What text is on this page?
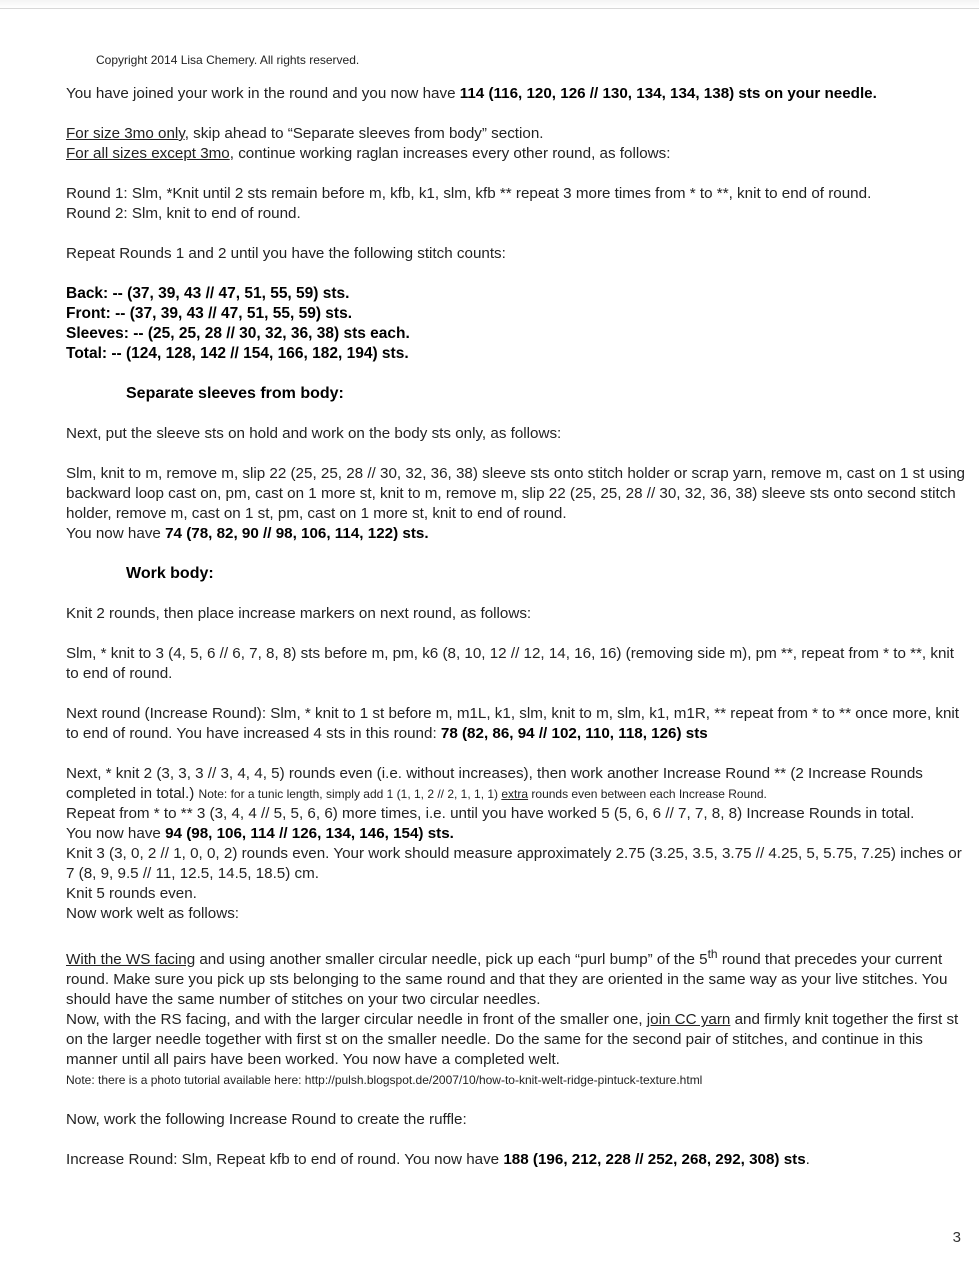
Copyright 2014 Lisa Chemery. All rights reserved.

You have joined your work in the round and you now have 114 (116, 120, 126 // 130, 134, 134, 138) sts on your needle.

For size 3mo only, skip ahead to “Separate sleeves from body” section.

For all sizes except 3mo, continue working raglan increases every other round, as follows:

Round 1: Slm, *Knit until 2 sts remain before m, kfb, k1, slm, kfb ** repeat 3 more times from * to **, knit to end of round.

Round 2: Slm, knit to end of round.

Repeat Rounds 1 and 2 until you have the following stitch counts:

Back: -- (37, 39, 43 // 47, 51, 55, 59) sts.

Front: -- (37, 39, 43 // 47, 51, 55, 59) sts.

Sleeves: -- (25, 25, 28 // 30, 32, 36, 38) sts each.

Total: -- (124, 128, 142 // 154, 166, 182, 194) sts.

Separate sleeves from body:

Next, put the sleeve sts on hold and work on the body sts only, as follows:

Slm, knit to m, remove m, slip 22 (25, 25, 28 // 30, 32, 36, 38) sleeve sts onto stitch holder or scrap yarn, remove m, cast on 1 st using backward loop cast on, pm, cast on 1 more st, knit to m, remove m, slip 22 (25, 25, 28 // 30, 32, 36, 38) sleeve sts onto second stitch holder, remove m, cast on 1 st, pm, cast on 1 more st, knit to end of round.

You now have 74 (78, 82, 90 // 98, 106, 114, 122) sts.

Work body:

Knit 2 rounds, then place increase markers on next round, as follows:

Slm, * knit to 3 (4, 5, 6 // 6, 7, 8, 8) sts before m, pm, k6 (8, 10, 12 // 12, 14, 16, 16) (removing side m), pm **, repeat from * to **, knit to end of round.

Next round (Increase Round): Slm, * knit to 1 st before m, m1L, k1, slm, knit to m, slm, k1, m1R, ** repeat from * to ** once more, knit to end of round. You have increased 4 sts in this round: 78 (82, 86, 94 // 102, 110, 118, 126) sts

Next, * knit 2 (3, 3, 3 // 3, 4, 4, 5) rounds even (i.e. without increases), then work another Increase Round ** (2 Increase Rounds completed in total.) Note: for a tunic length, simply add 1 (1, 1, 2 // 2, 1, 1, 1) extra rounds even between each Increase Round.

Repeat from * to ** 3 (3, 4, 4 // 5, 5, 6, 6) more times, i.e. until you have worked 5 (5, 6, 6 // 7, 7, 8, 8) Increase Rounds in total.

You now have 94 (98, 106, 114 // 126, 134, 146, 154) sts.

Knit 3 (3, 0, 2 // 1, 0, 0, 2) rounds even. Your work should measure approximately 2.75 (3.25, 3.5, 3.75 // 4.25, 5, 5.75, 7.25) inches or 7 (8, 9, 9.5 // 11, 12.5, 14.5, 18.5) cm.

Knit 5 rounds even.

Now work welt as follows:

With the WS facing and using another smaller circular needle, pick up each “purl bump” of the 5th round that precedes your current round. Make sure you pick up sts belonging to the same round and that they are oriented in the same way as your live stitches. You should have the same number of stitches on your two circular needles.

Now, with the RS facing, and with the larger circular needle in front of the smaller one, join CC yarn and firmly knit together the first st on the larger needle together with first st on the smaller needle. Do the same for the second pair of stitches, and continue in this manner until all pairs have been worked. You now have a completed welt.

Note: there is a photo tutorial available here: http://pulsh.blogspot.de/2007/10/how-to-knit-welt-ridge-pintuck-texture.html

Now, work the following Increase Round to create the ruffle:

Increase Round: Slm, Repeat kfb to end of round. You now have 188 (196, 212, 228 // 252, 268, 292, 308) sts.

3
